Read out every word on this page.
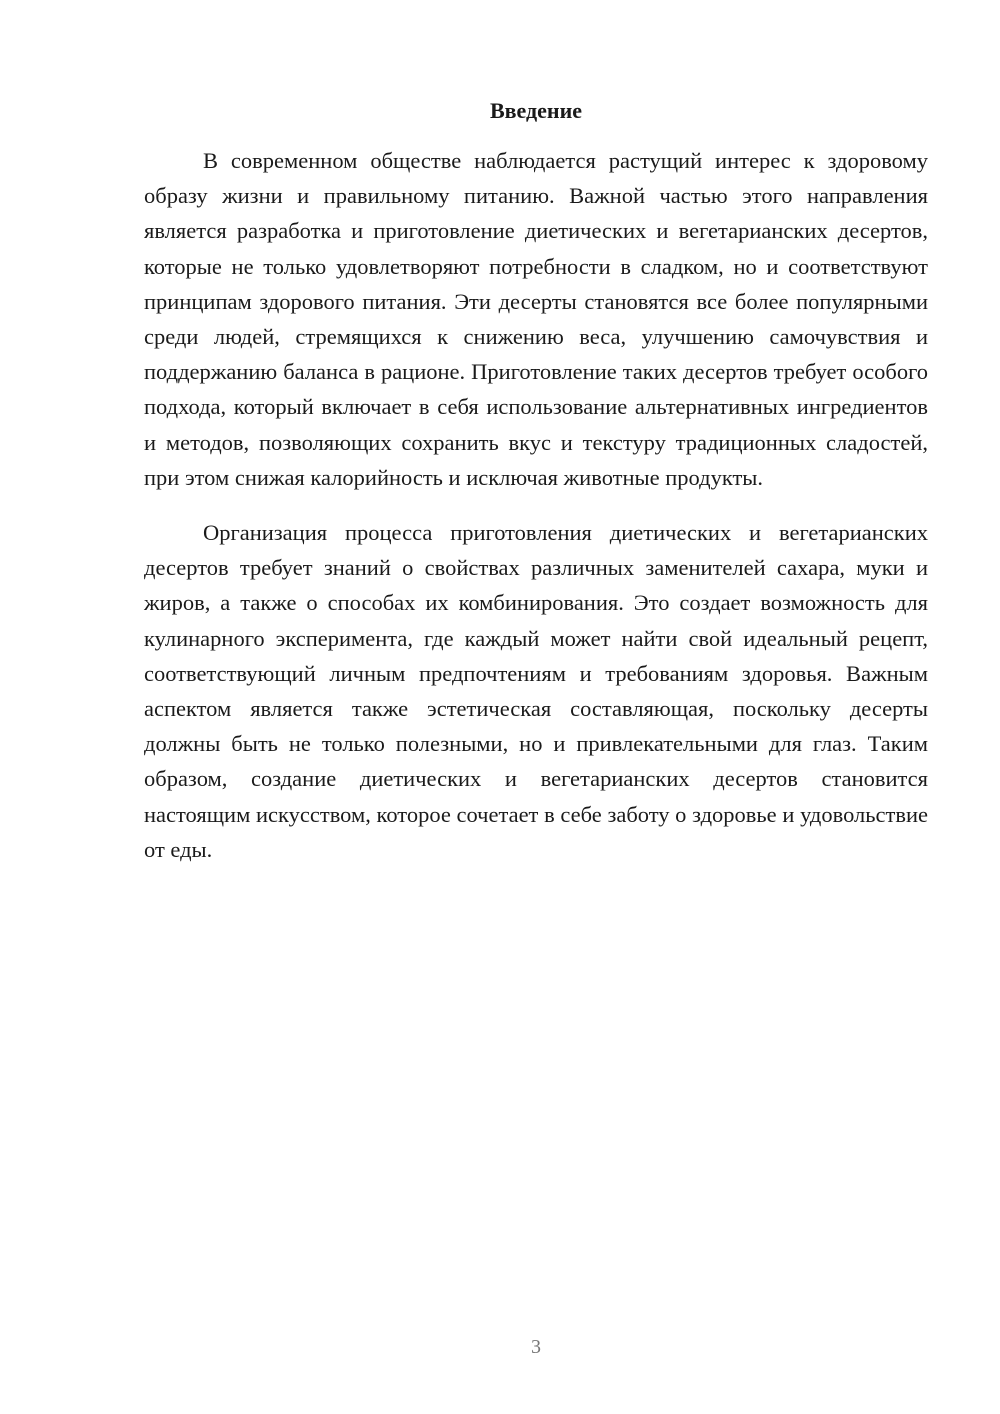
Введение

В современном обществе наблюдается растущий интерес к здоровому образу жизни и правильному питанию. Важной частью этого направления является разработка и приготовление диетических и вегетарианских десертов, которые не только удовлетворяют потребности в сладком, но и соответствуют принципам здорового питания. Эти десерты становятся все более популярными среди людей, стремящихся к снижению веса, улучшению самочувствия и поддержанию баланса в рационе. Приготовление таких десертов требует особого подхода, который включает в себя использование альтернативных ингредиентов и методов, позволяющих сохранить вкус и текстуру традиционных сладостей, при этом снижая калорийность и исключая животные продукты.

Организация процесса приготовления диетических и вегетарианских десертов требует знаний о свойствах различных заменителей сахара, муки и жиров, а также о способах их комбинирования. Это создает возможность для кулинарного эксперимента, где каждый может найти свой идеальный рецепт, соответствующий личным предпочтениям и требованиям здоровья. Важным аспектом является также эстетическая составляющая, поскольку десерты должны быть не только полезными, но и привлекательными для глаз. Таким образом, создание диетических и вегетарианских десертов становится настоящим искусством, которое сочетает в себе заботу о здоровье и удовольствие от еды.

3
